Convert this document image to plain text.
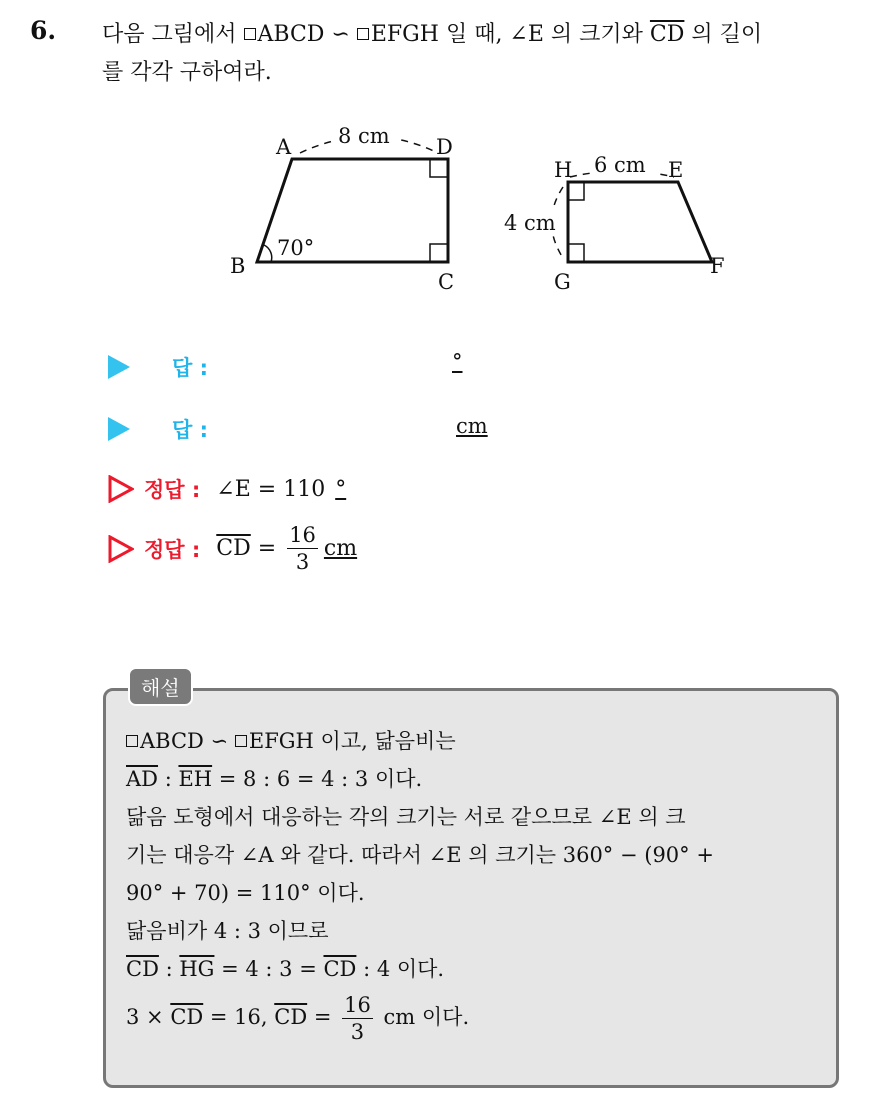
6. 다음 그림에서 ABCD ∽ EFGH 일 때, ∠E 의 크기와 $\overline{CD}$ 의 길이
를 각각 구하여라.
8 cm
A	D
B
C
70°
6 cm
H	E
4 cm
G
F
답 :	°
답 :	cm
정답 : ∠E = 110 °
정답 : $\overline{CD} = \frac{16}{3}$ cm
해설

ABCD ∽ EFGH 이고, 닮음비는

$\overline{AD}$ : $\overline{EH} = 8$ : 6 = 4 : 3 이다.

닮음 도형에서 대응하는 각의 크기는 서로 같으므로 ∠E 의 크

기는 대응각 ∠A 와 같다. 따라서 ∠E 의 크기는 360° − (90° +

90° + 70) = 110° 이다.

닮음비가 4 : 3 이므로

$\overline{CD}$ : $\overline{HG} = 4$ : $3 = \overline{CD}$ : 4 이다.

$3 \times \overline{CD} = 16$, $\overline{CD} = \frac{16}{3}$ cm 이다.
